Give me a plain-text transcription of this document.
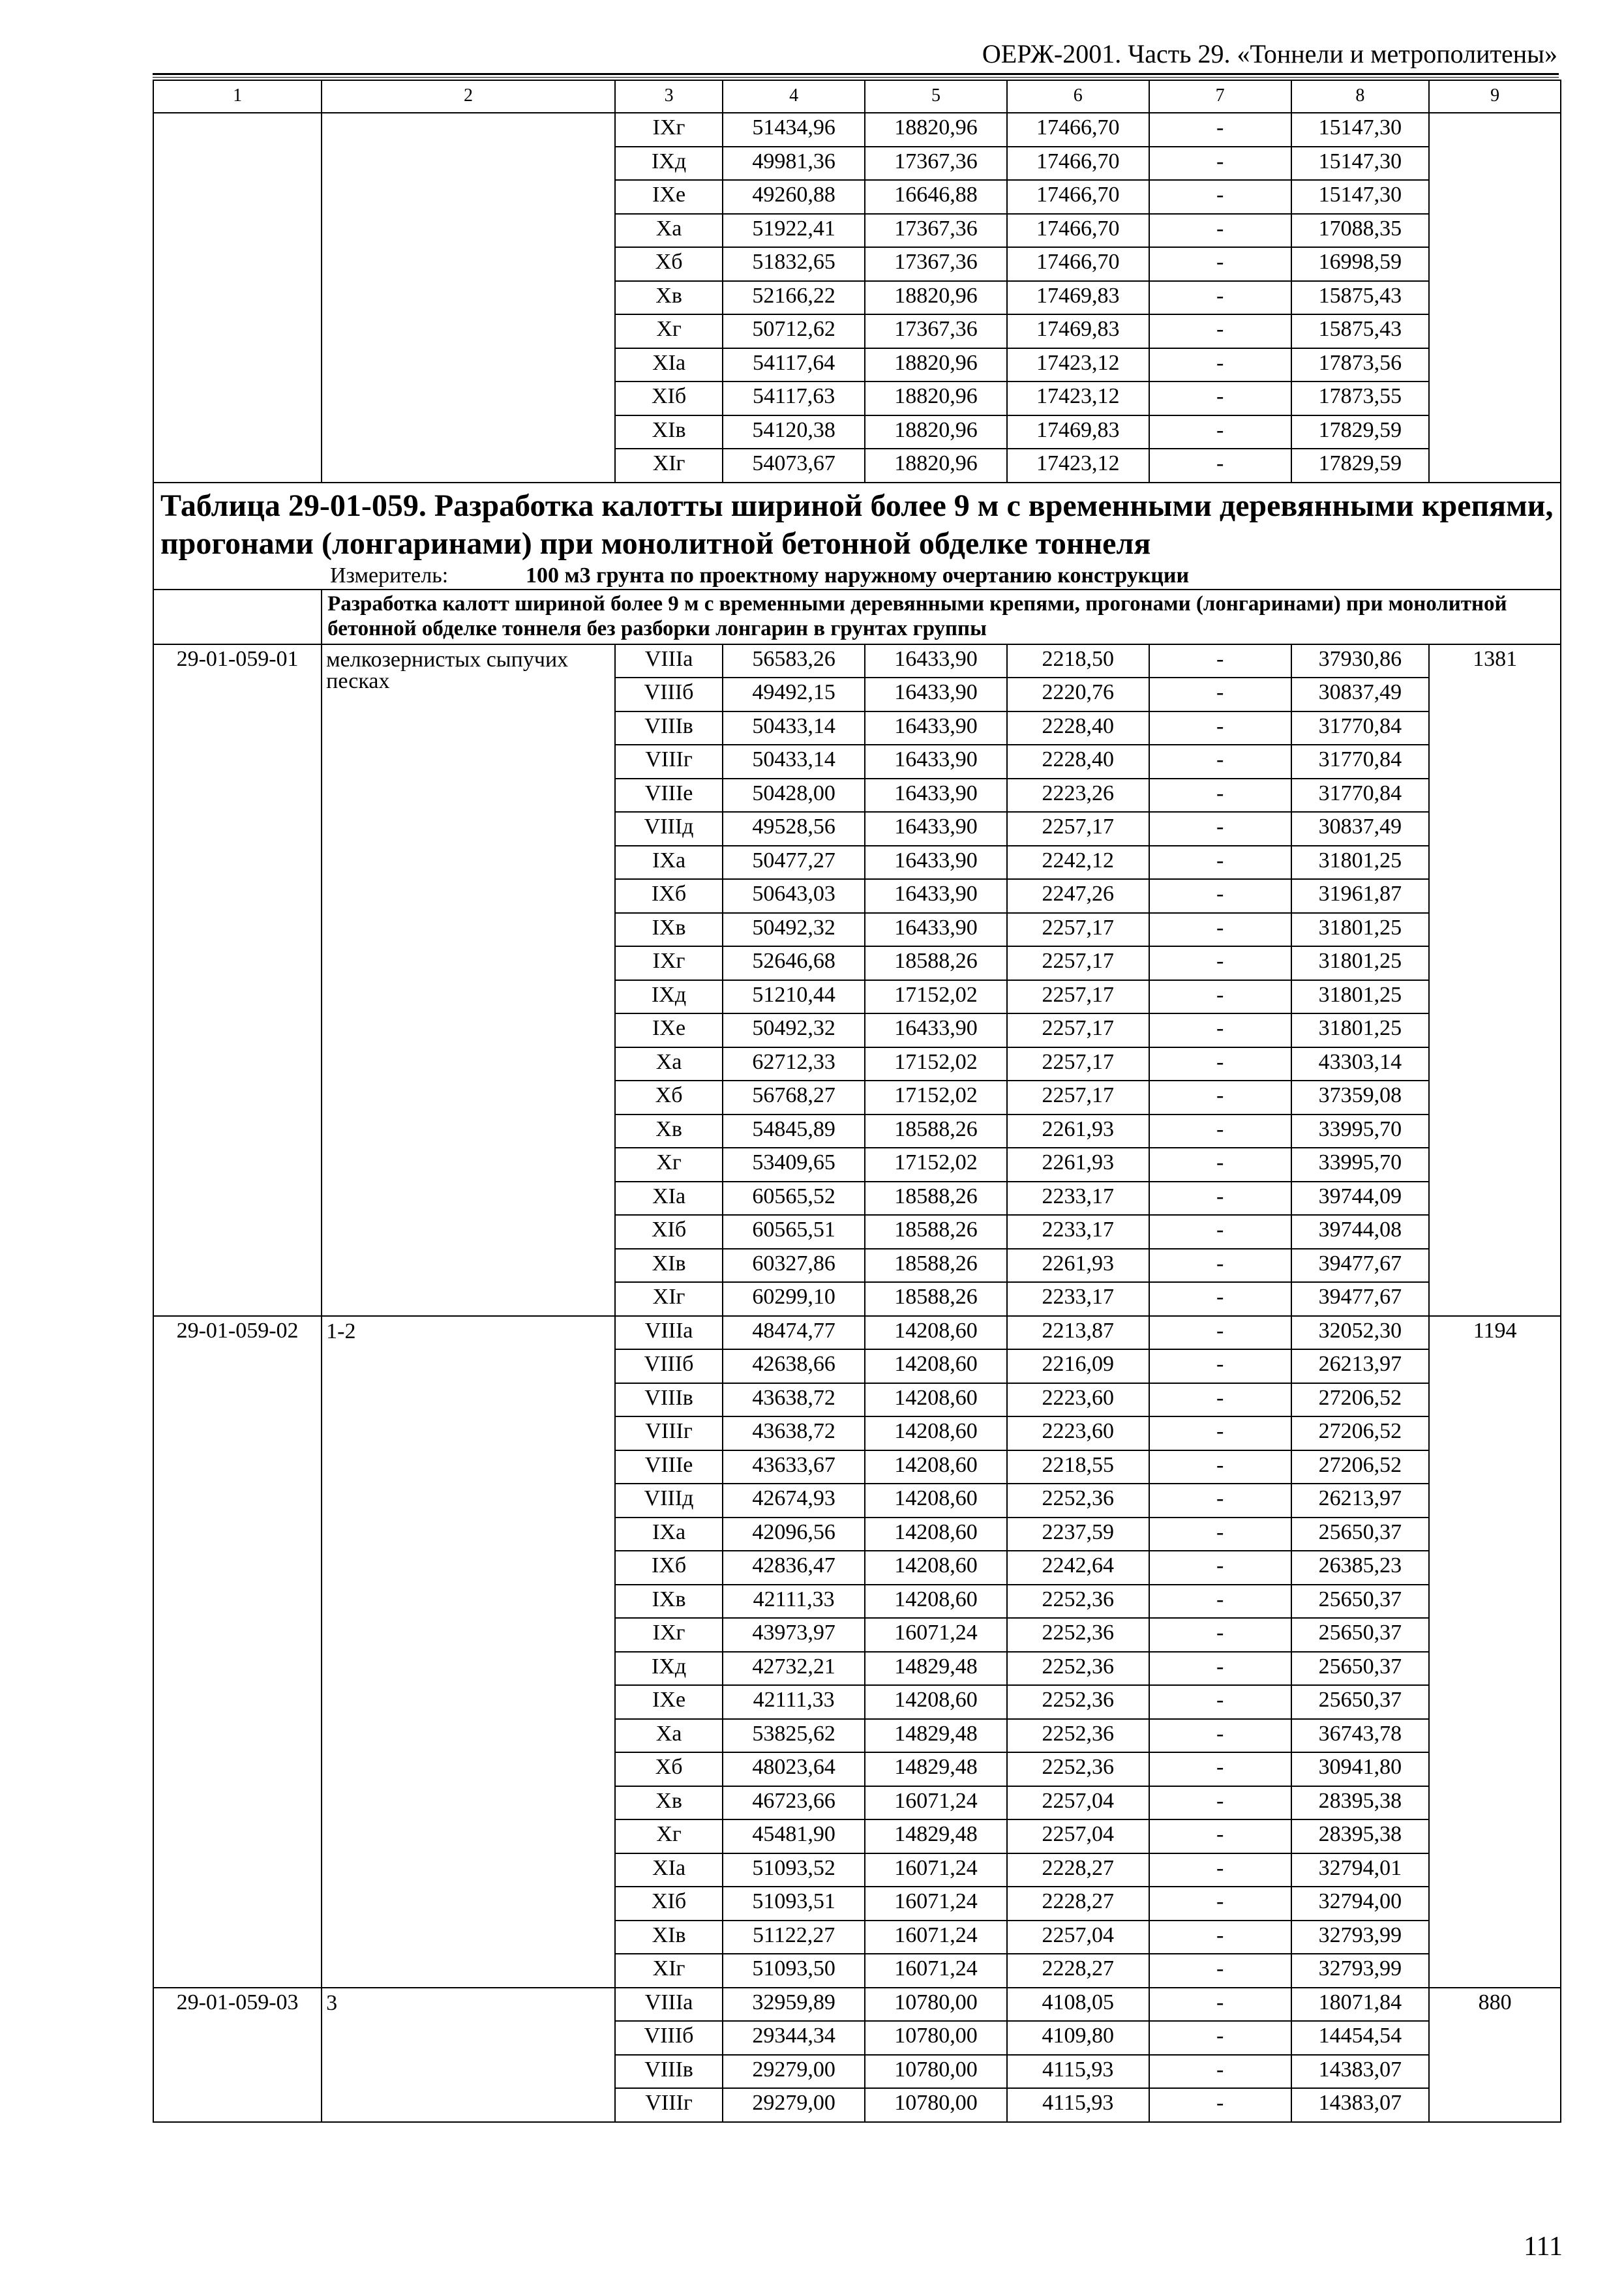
ОЕРЖ-2001. Часть 29. «Тоннели и метрополитены»
1	2	3	4	5	6	7	8	9
		IXг	51434,96	18820,96	17466,70	-	15147,30	
		IXд	49981,36	17367,36	17466,70	-	15147,30	
		IXе	49260,88	16646,88	17466,70	-	15147,30	
		Xа	51922,41	17367,36	17466,70	-	17088,35	
		Xб	51832,65	17367,36	17466,70	-	16998,59	
		Xв	52166,22	18820,96	17469,83	-	15875,43	
		Xг	50712,62	17367,36	17469,83	-	15875,43	
		XIа	54117,64	18820,96	17423,12	-	17873,56	
		XIб	54117,63	18820,96	17423,12	-	17873,55	
		XIв	54120,38	18820,96	17469,83	-	17829,59	
		XIг	54073,67	18820,96	17423,12	-	17829,59	

Таблица 29-01-059. Разработка калотты шириной более 9 м с временными деревянными крепями, прогонами (лонгаринами) при монолитной бетонной обделке тоннеля
Измеритель: 100 м3 грунта по проектному наружному очертанию конструкции								

	Разработка калотт шириной более 9 м с временными деревянными крепями, прогонами (лонгаринами) при монолитной бетонной обделке тоннеля без разборки лонгарин в грунтах группы							
29-01-059-01	мелкозернистых сыпучих песках	VIIIа	56583,26	16433,90	2218,50	-	37930,86	1381
		VIIIб	49492,15	16433,90	2220,76	-	30837,49	
		VIIIв	50433,14	16433,90	2228,40	-	31770,84	
		VIIIг	50433,14	16433,90	2228,40	-	31770,84	
		VIIIе	50428,00	16433,90	2223,26	-	31770,84	
		VIIIд	49528,56	16433,90	2257,17	-	30837,49	
		IXа	50477,27	16433,90	2242,12	-	31801,25	
		IXб	50643,03	16433,90	2247,26	-	31961,87	
		IXв	50492,32	16433,90	2257,17	-	31801,25	
		IXг	52646,68	18588,26	2257,17	-	31801,25	
		IXд	51210,44	17152,02	2257,17	-	31801,25	
		IXе	50492,32	16433,90	2257,17	-	31801,25	
		Xа	62712,33	17152,02	2257,17	-	43303,14	
		Xб	56768,27	17152,02	2257,17	-	37359,08	
		Xв	54845,89	18588,26	2261,93	-	33995,70	
		Xг	53409,65	17152,02	2261,93	-	33995,70	
		XIа	60565,52	18588,26	2233,17	-	39744,09	
		XIб	60565,51	18588,26	2233,17	-	39744,08	
		XIв	60327,86	18588,26	2261,93	-	39477,67	
		XIг	60299,10	18588,26	2233,17	-	39477,67	
29-01-059-02	1-2	VIIIа	48474,77	14208,60	2213,87	-	32052,30	1194
		VIIIб	42638,66	14208,60	2216,09	-	26213,97	
		VIIIв	43638,72	14208,60	2223,60	-	27206,52	
		VIIIг	43638,72	14208,60	2223,60	-	27206,52	
		VIIIе	43633,67	14208,60	2218,55	-	27206,52	
		VIIIд	42674,93	14208,60	2252,36	-	26213,97	
		IXа	42096,56	14208,60	2237,59	-	25650,37	
		IXб	42836,47	14208,60	2242,64	-	26385,23	
		IXв	42111,33	14208,60	2252,36	-	25650,37	
		IXг	43973,97	16071,24	2252,36	-	25650,37	
		IXд	42732,21	14829,48	2252,36	-	25650,37	
		IXе	42111,33	14208,60	2252,36	-	25650,37	
		Xа	53825,62	14829,48	2252,36	-	36743,78	
		Xб	48023,64	14829,48	2252,36	-	30941,80	
		Xв	46723,66	16071,24	2257,04	-	28395,38	
		Xг	45481,90	14829,48	2257,04	-	28395,38	
		XIа	51093,52	16071,24	2228,27	-	32794,01	
		XIб	51093,51	16071,24	2228,27	-	32794,00	
		XIв	51122,27	16071,24	2257,04	-	32793,99	
		XIг	51093,50	16071,24	2228,27	-	32793,99	
29-01-059-03	3	VIIIа	32959,89	10780,00	4108,05	-	18071,84	880
		VIIIб	29344,34	10780,00	4109,80	-	14454,54	
		VIIIв	29279,00	10780,00	4115,93	-	14383,07	
		VIIIг	29279,00	10780,00	4115,93	-	14383,07	
111
